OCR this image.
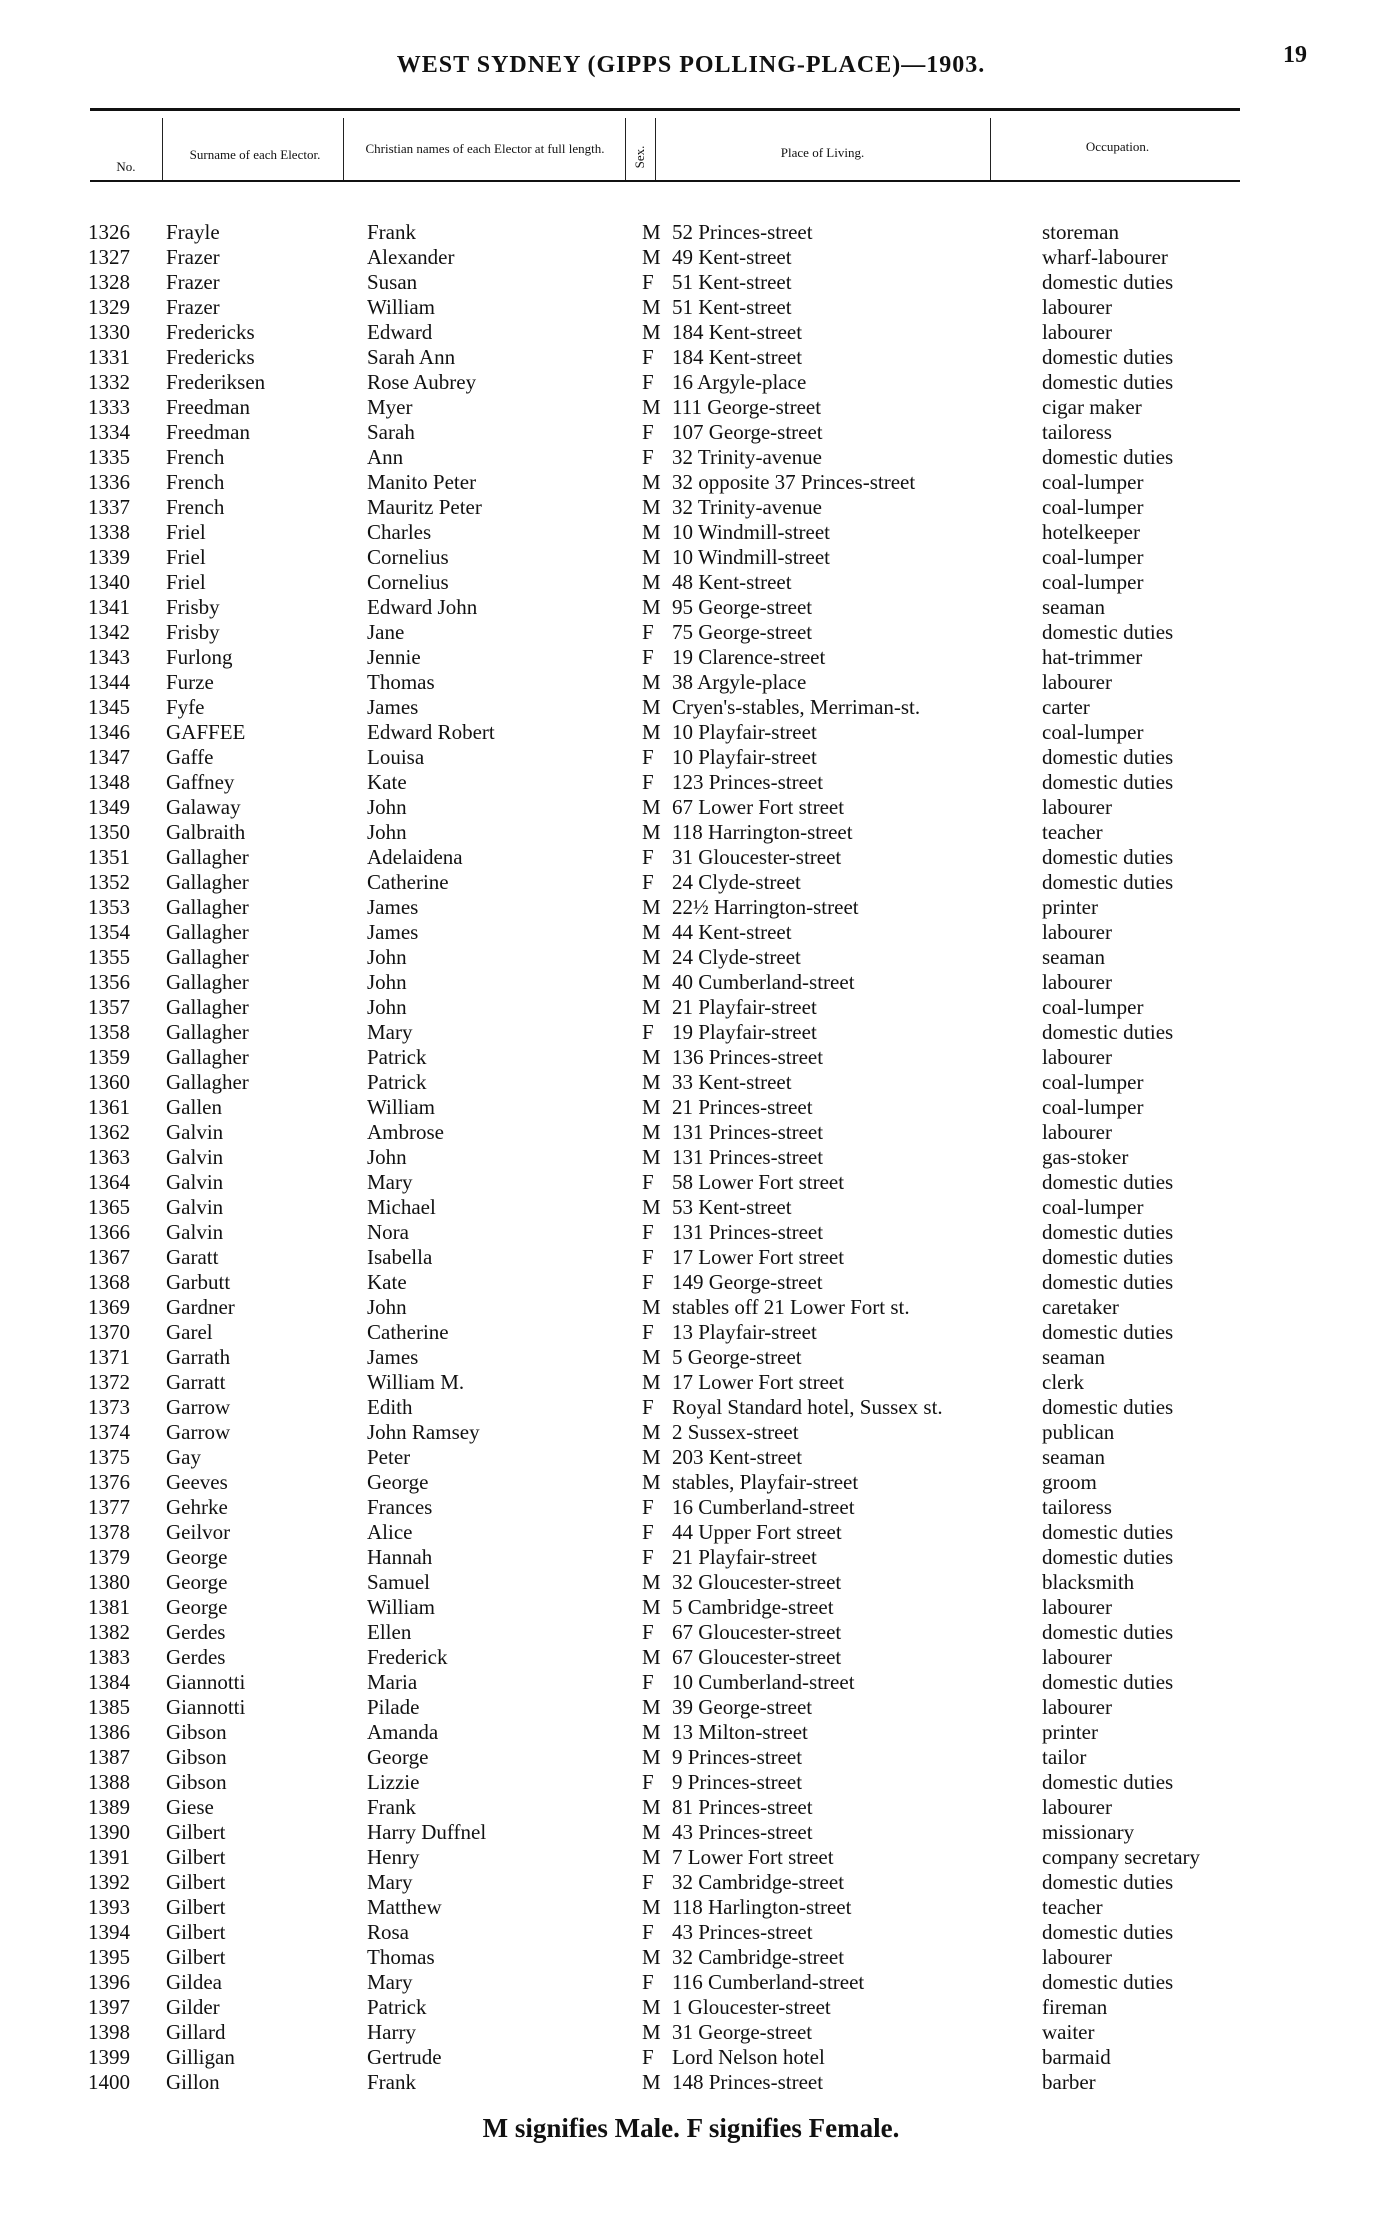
WEST SYDNEY (GIPPS POLLING-PLACE)—1903.	19
No.
Surname of each Elector.	Christian names of each Elector at full length.	Sex.	Place of Living.	Occupation.
1326	Frayle	Frank	M	52 Princes-street	storeman
1327	Frazer	Alexander	M	49 Kent-street	wharf-labourer
1328	Frazer	Susan	F	51 Kent-street	domestic duties
1329	Frazer	William	M	51 Kent-street	labourer
1330	Fredericks	Edward	M	184 Kent-street	labourer
1331	Fredericks	Sarah Ann	F	184 Kent-street	domestic duties
1332	Frederiksen	Rose Aubrey	F	16 Argyle-place	domestic duties
1333	Freedman	Myer	M	111 George-street	cigar maker
1334	Freedman	Sarah	F	107 George-street	tailoress
1335	French	Ann	F	32 Trinity-avenue	domestic duties
1336	French	Manito Peter	M	32 opposite 37 Princes-street	coal-lumper
1337	French	Mauritz Peter	M	32 Trinity-avenue	coal-lumper
1338	Friel	Charles	M	10 Windmill-street	hotelkeeper
1339	Friel	Cornelius	M	10 Windmill-street	coal-lumper
1340	Friel	Cornelius	M	48 Kent-street	coal-lumper
1341	Frisby	Edward John	M	95 George-street	seaman
1342	Frisby	Jane	F	75 George-street	domestic duties
1343	Furlong	Jennie	F	19 Clarence-street	hat-trimmer
1344	Furze	Thomas	M	38 Argyle-place	labourer
1345	Fyfe	James	M	Cryen's-stables, Merriman-st.	carter
1346	GAFFEE	Edward Robert	M	10 Playfair-street	coal-lumper
1347	Gaffe	Louisa	F	10 Playfair-street	domestic duties
1348	Gaffney	Kate	F	123 Princes-street	domestic duties
1349	Galaway	John	M	67 Lower Fort street	labourer
1350	Galbraith	John	M	118 Harrington-street	teacher
1351	Gallagher	Adelaidena	F	31 Gloucester-street	domestic duties
1352	Gallagher	Catherine	F	24 Clyde-street	domestic duties
1353	Gallagher	James	M	22½ Harrington-street	printer
1354	Gallagher	James	M	44 Kent-street	labourer
1355	Gallagher	John	M	24 Clyde-street	seaman
1356	Gallagher	John	M	40 Cumberland-street	labourer
1357	Gallagher	John	M	21 Playfair-street	coal-lumper
1358	Gallagher	Mary	F	19 Playfair-street	domestic duties
1359	Gallagher	Patrick	M	136 Princes-street	labourer
1360	Gallagher	Patrick	M	33 Kent-street	coal-lumper
1361	Gallen	William	M	21 Princes-street	coal-lumper
1362	Galvin	Ambrose	M	131 Princes-street	labourer
1363	Galvin	John	M	131 Princes-street	gas-stoker
1364	Galvin	Mary	F	58 Lower Fort street	domestic duties
1365	Galvin	Michael	M	53 Kent-street	coal-lumper
1366	Galvin	Nora	F	131 Princes-street	domestic duties
1367	Garatt	Isabella	F	17 Lower Fort street	domestic duties
1368	Garbutt	Kate	F	149 George-street	domestic duties
1369	Gardner	John	M	stables off 21 Lower Fort st.	caretaker
1370	Garel	Catherine	F	13 Playfair-street	domestic duties
1371	Garrath	James	M	5 George-street	seaman
1372	Garratt	William M.	M	17 Lower Fort street	clerk
1373	Garrow	Edith	F	Royal Standard hotel, Sussex st.	domestic duties
1374	Garrow	John Ramsey	M	2 Sussex-street	publican
1375	Gay	Peter	M	203 Kent-street	seaman
1376	Geeves	George	M	stables, Playfair-street	groom
1377	Gehrke	Frances	F	16 Cumberland-street	tailoress
1378	Geilvor	Alice	F	44 Upper Fort street	domestic duties
1379	George	Hannah	F	21 Playfair-street	domestic duties
1380	George	Samuel	M	32 Gloucester-street	blacksmith
1381	George	William	M	5 Cambridge-street	labourer
1382	Gerdes	Ellen	F	67 Gloucester-street	domestic duties
1383	Gerdes	Frederick	M	67 Gloucester-street	labourer
1384	Giannotti	Maria	F	10 Cumberland-street	domestic duties
1385	Giannotti	Pilade	M	39 George-street	labourer
1386	Gibson	Amanda	M	13 Milton-street	printer
1387	Gibson	George	M	9 Princes-street	tailor
1388	Gibson	Lizzie	F	9 Princes-street	domestic duties
1389	Giese	Frank	M	81 Princes-street	labourer
1390	Gilbert	Harry Duffnel	M	43 Princes-street	missionary
1391	Gilbert	Henry	M	7 Lower Fort street	company secretary
1392	Gilbert	Mary	F	32 Cambridge-street	domestic duties
1393	Gilbert	Matthew	M	118 Harlington-street	teacher
1394	Gilbert	Rosa	F	43 Princes-street	domestic duties
1395	Gilbert	Thomas	M	32 Cambridge-street	labourer
1396	Gildea	Mary	F	116 Cumberland-street	domestic duties
1397	Gilder	Patrick	M	1 Gloucester-street	fireman
1398	Gillard	Harry	M	31 George-street	waiter
1399	Gilligan	Gertrude	F	Lord Nelson hotel	barmaid
1400	Gillon	Frank	M	148 Princes-street	barber
M signifies Male. F signifies Female.
